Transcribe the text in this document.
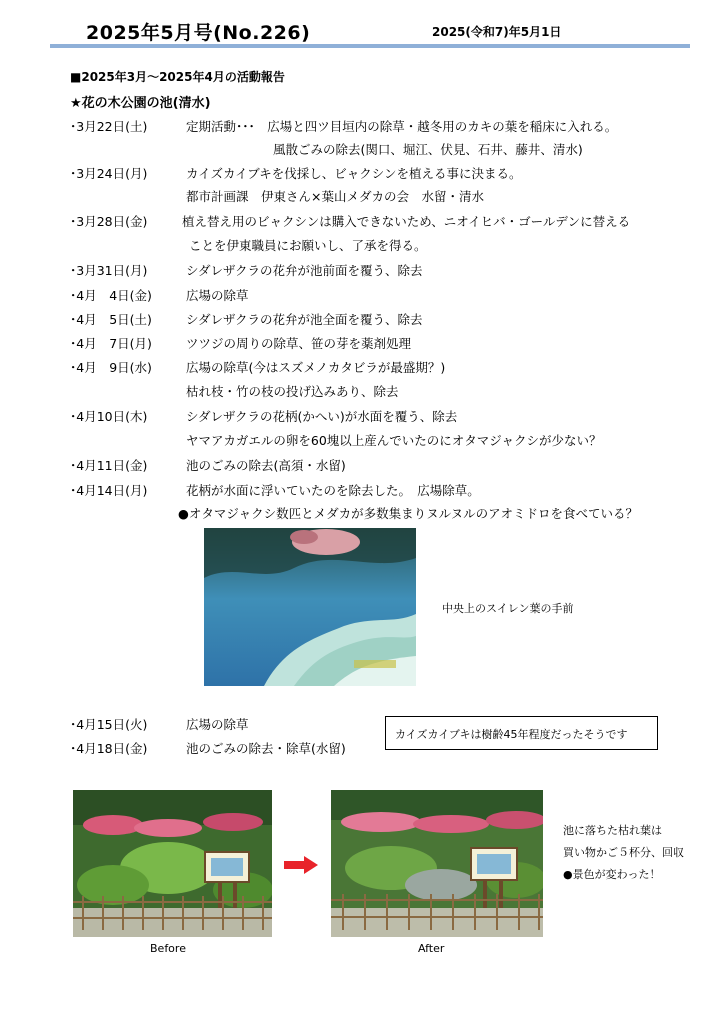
2025年5月号(No.226)	2025(令和7)年5月1日
■2025年3月～2025年4月の活動報告
★花の木公園の池(清水)
･3月22日(土)	定期活動･･･　広場と四ツ目垣内の除草・越冬用のカキの葉を稲床に入れる。
風散ごみの除去(関口、堀江、伏見、石井、藤井、清水)
･3月24日(月)	カイズカイブキを伐採し、ビャクシンを植える事に決まる。
都市計画課　伊東さん×葉山メダカの会　水留・清水
･3月28日(金)	植え替え用のビャクシンは購入できないため、ニオイヒバ・ゴールデンに替える
ことを伊東職員にお願いし、了承を得る。
･3月31日(月)	シダレザクラの花弁が池前面を覆う、除去
･4月　4日(金)	広場の除草
･4月　5日(土)	シダレザクラの花弁が池全面を覆う、除去
･4月　7日(月)	ツツジの周りの除草、笹の芽を薬剤処理
･4月　9日(水)	広場の除草(今はスズメノカタビラが最盛期？)
枯れ枝・竹の枝の投げ込みあり、除去
･4月10日(木)	シダレザクラの花柄(かへい)が水面を覆う、除去
ヤマアカガエルの卵を60塊以上産んでいたのにオタマジャクシが少ない？
･4月11日(金)	池のごみの除去(高須・水留)
･4月14日(月)	花柄が水面に浮いていたのを除去した。　広場除草。
●オタマジャクシ数匹とメダカが多数集まりヌルヌルのアオミドロを食べている？
中央上のスイレン葉の手前
･4月15日(火)	広場の除草
･4月18日(金)	池のごみの除去・除草(水留)
カイズカイブキは樹齢45年程度だったそうです
Before	After
池に落ちた枯れ葉は
買い物かご５杯分、回収
●景色が変わった！
